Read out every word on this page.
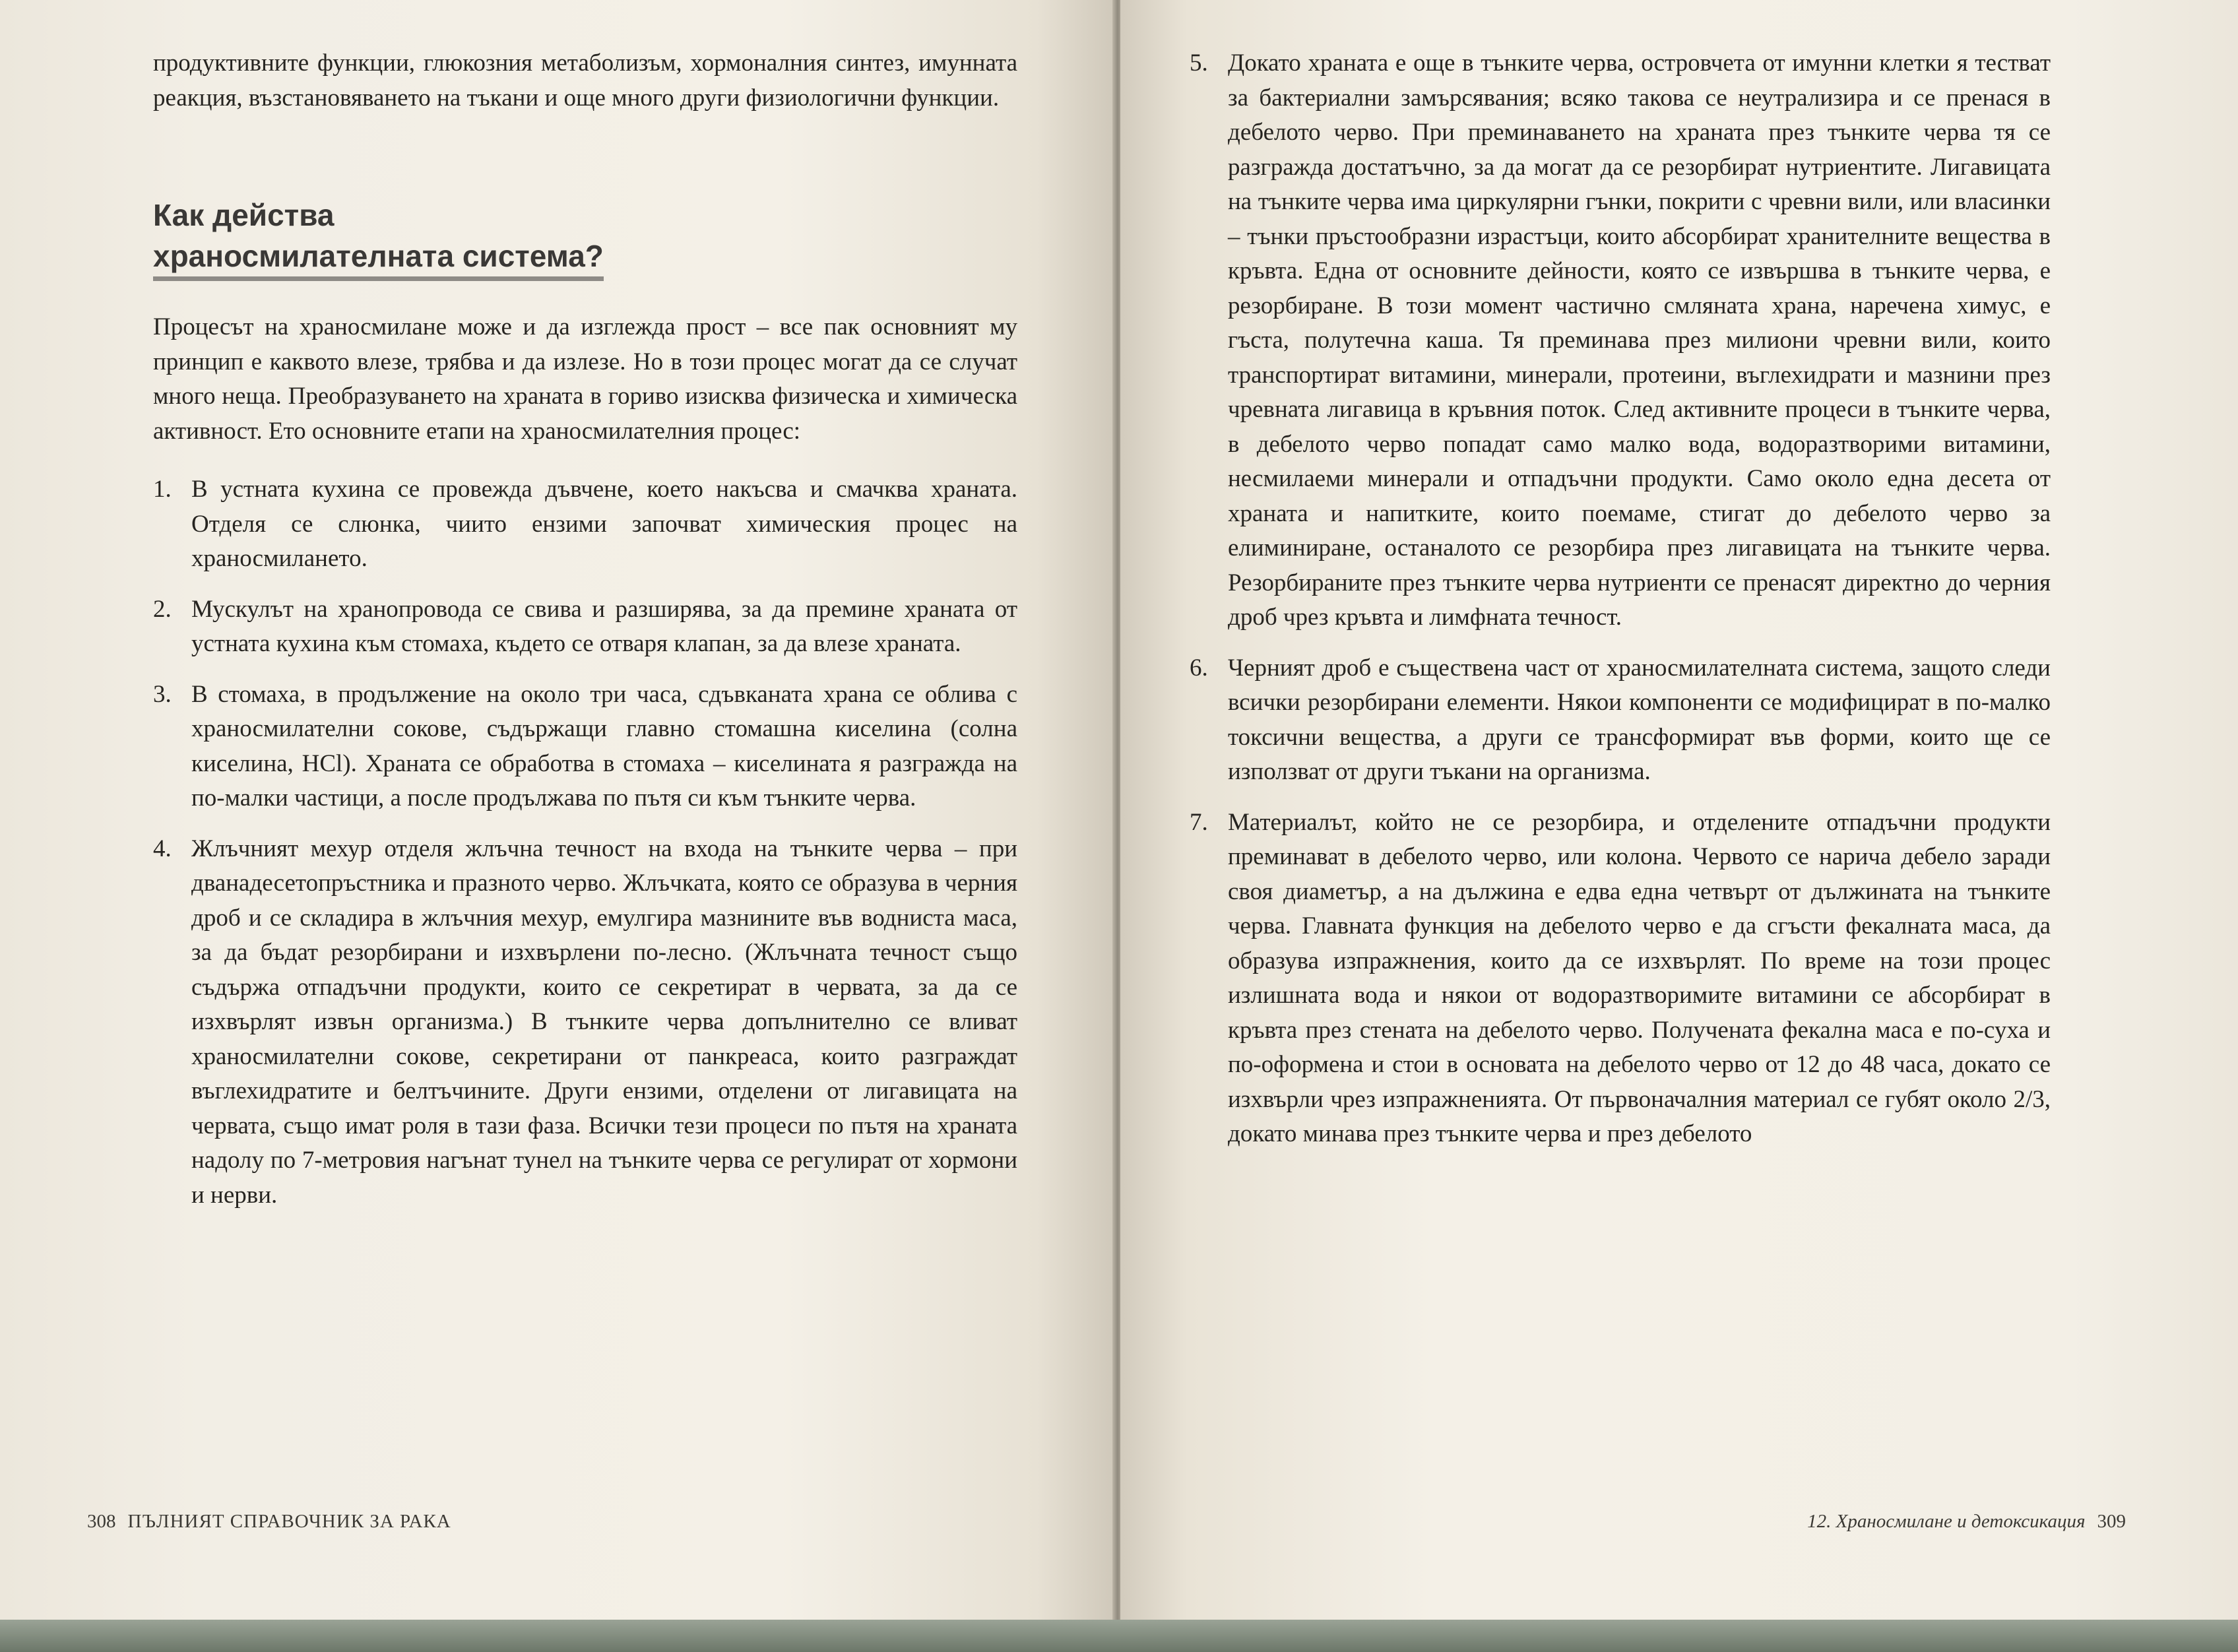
продуктивните функции, глюкозния метаболизъм, хормоналния синтез, имунната реакция, възстановяването на тъкани и още много други физиологични функции.

Как действа
храносмилателната система?

Процесът на храносмилане може и да изглежда прост – все пак основният му принцип е каквото влезе, трябва и да излезе. Но в този процес могат да се случат много неща. Преобразуването на храната в гориво изисква физическа и химическа активност. Ето основните етапи на храносмилателния процес:

1. В устната кухина се провежда дъвчене, което накъсва и смачква храната. Отделя се слюнка, чиито ензими започват химическия процес на храносмилането.
2. Мускулът на хранопровода се свива и разширява, за да премине храната от устната кухина към стомаха, където се отваря клапан, за да влезе храната.
3. В стомаха, в продължение на около три часа, сдъвканата храна се облива с храносмилателни сокове, съдържащи главно стомашна киселина (солна киселина, HCl). Храната се обработва в стомаха – киселината я разгражда на по-малки частици, а после продължава по пътя си към тънките черва.
4. Жлъчният мехур отделя жлъчна течност на входа на тънките черва – при дванадесетопръстника и празното черво. Жлъчката, която се образува в черния дроб и се складира в жлъчния мехур, емулгира мазнините във водниста маса, за да бъдат резорбирани и изхвърлени по-лесно. (Жлъчната течност също съдържа отпадъчни продукти, които се секретират в червата, за да се изхвърлят извън организма.) В тънките черва допълнително се вливат храносмилателни сокове, секретирани от панкреаса, които разграждат въглехидратите и белтъчините. Други ензими, отделени от лигавицата на червата, също имат роля в тази фаза. Всички тези процеси по пътя на храната надолу по 7-метровия нагънат тунел на тънките черва се регулират от хормони и нерви.
308 ПЪЛНИЯТ СПРАВОЧНИК ЗА РАКА
5. Докато храната е още в тънките черва, островчета от имунни клетки я тестват за бактериални замърсявания; всяко такова се неутрализира и се пренася в дебелото черво. При преминаването на храната през тънките черва тя се разгражда достатъчно, за да могат да се резорбират нутриентите. Лигавицата на тънките черва има циркулярни гънки, покрити с чревни вили, или власинки – тънки пръстообразни израстъци, които абсорбират хранителните вещества в кръвта. Една от основните дейности, която се извършва в тънките черва, е резорбиране. В този момент частично смляната храна, наречена химус, е гъста, полутечна каша. Тя преминава през милиони чревни вили, които транспортират витамини, минерали, протеини, въглехидрати и мазнини през чревната лигавица в кръвния поток. След активните процеси в тънките черва, в дебелото черво попадат само малко вода, водоразтворими витамини, несмилаеми минерали и отпадъчни продукти. Само около една десета от храната и напитките, които поемаме, стигат до дебелото черво за елиминиране, останалото се резорбира през лигавицата на тънките черва. Резорбираните през тънките черва нутриенти се пренасят директно до черния дроб чрез кръвта и лимфната течност.
6. Черният дроб е съществена част от храносмилателната система, защото следи всички резорбирани елементи. Някои компоненти се модифицират в по-малко токсични вещества, а други се трансформират във форми, които ще се използват от други тъкани на организма.
7. Материалът, който не се резорбира, и отделените отпадъчни продукти преминават в дебелото черво, или колона. Червото се нарича дебело заради своя диаметър, а на дължина е едва една четвърт от дължината на тънките черва. Главната функция на дебелото черво е да сгъсти фекалната маса, да образува изпражнения, които да се изхвърлят. По време на този процес излишната вода и някои от водоразтворимите витамини се абсорбират в кръвта през стената на дебелото черво. Получената фекална маса е по-суха и по-оформена и стои в основата на дебелото черво от 12 до 48 часа, докато се изхвърли чрез изпражненията. От първоначалния материал се губят около 2/3, докато минава през тънките черва и през дебелото
12. Храносмилане и детоксикация 309
